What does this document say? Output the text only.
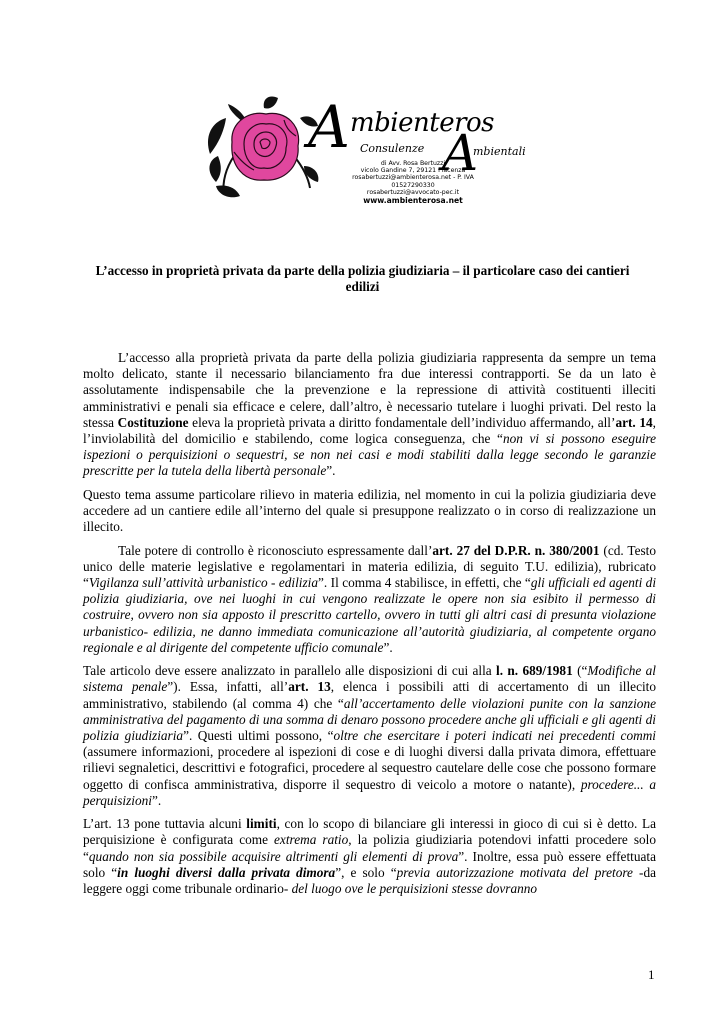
A mbienteros
A
Consulenze	mbientali
di Avv. Rosa Bertuzzi
vicolo Gandine 7, 29121 Piacenza
rosabertuzzi@ambienterosa.net - P. IVA 01527290330
rosabertuzzi@avvocato-pec.it
www.ambienterosa.net
L’accesso in proprietà privata da parte della polizia giudiziaria – il particolare caso dei cantieri edilizi

L’accesso alla proprietà privata da parte della polizia giudiziaria rappresenta da sempre un tema molto delicato, stante il necessario bilanciamento fra due interessi contrapporti. Se da un lato è assolutamente indispensabile che la prevenzione e la repressione di attività costituenti illeciti amministrativi e penali sia efficace e celere, dall’altro, è necessario tutelare i luoghi privati. Del resto la stessa Costituzione eleva la proprietà privata a diritto fondamentale dell’individuo affermando, all’art. 14, l’inviolabilità del domicilio e stabilendo, come logica conseguenza, che “non vi si possono eseguire ispezioni o perquisizioni o sequestri, se non nei casi e modi stabiliti dalla legge secondo le garanzie prescritte per la tutela della libertà personale”.

Questo tema assume particolare rilievo in materia edilizia, nel momento in cui la polizia giudiziaria deve accedere ad un cantiere edile all’interno del quale si presuppone realizzato o in corso di realizzazione un illecito.

Tale potere di controllo è riconosciuto espressamente dall’art. 27 del D.P.R. n. 380/2001 (cd. Testo unico delle materie legislative e regolamentari in materia edilizia, di seguito T.U. edilizia), rubricato “Vigilanza sull’attività urbanistico - edilizia”. Il comma 4 stabilisce, in effetti, che “gli ufficiali ed agenti di polizia giudiziaria, ove nei luoghi in cui vengono realizzate le opere non sia esibito il permesso di costruire, ovvero non sia apposto il prescritto cartello, ovvero in tutti gli altri casi di presunta violazione urbanistico- edilizia, ne danno immediata comunicazione all’autorità giudiziaria, al competente organo regionale e al dirigente del competente ufficio comunale”.

Tale articolo deve essere analizzato in parallelo alle disposizioni di cui alla l. n. 689/1981 (“Modifiche al sistema penale”). Essa, infatti, all’art. 13, elenca i possibili atti di accertamento di un illecito amministrativo, stabilendo (al comma 4) che “all’accertamento delle violazioni punite con la sanzione amministrativa del pagamento di una somma di denaro possono procedere anche gli ufficiali e gli agenti di polizia giudiziaria”. Questi ultimi possono, “oltre che esercitare i poteri indicati nei precedenti commi (assumere informazioni, procedere al ispezioni di cose e di luoghi diversi dalla privata dimora, effettuare rilievi segnaletici, descrittivi e fotografici, procedere al sequestro cautelare delle cose che possono formare oggetto di confisca amministrativa, disporre il sequestro di veicolo a motore o natante), procedere... a perquisizioni”.

L’art. 13 pone tuttavia alcuni limiti, con lo scopo di bilanciare gli interessi in gioco di cui si è detto. La perquisizione è configurata come extrema ratio, la polizia giudiziaria potendovi infatti procedere solo “quando non sia possibile acquisire altrimenti gli elementi di prova”. Inoltre, essa può essere effettuata solo “in luoghi diversi dalla privata dimora”, e solo “previa autorizzazione motivata del pretore -da leggere oggi come tribunale ordinario- del luogo ove le perquisizioni stesse dovranno

1
